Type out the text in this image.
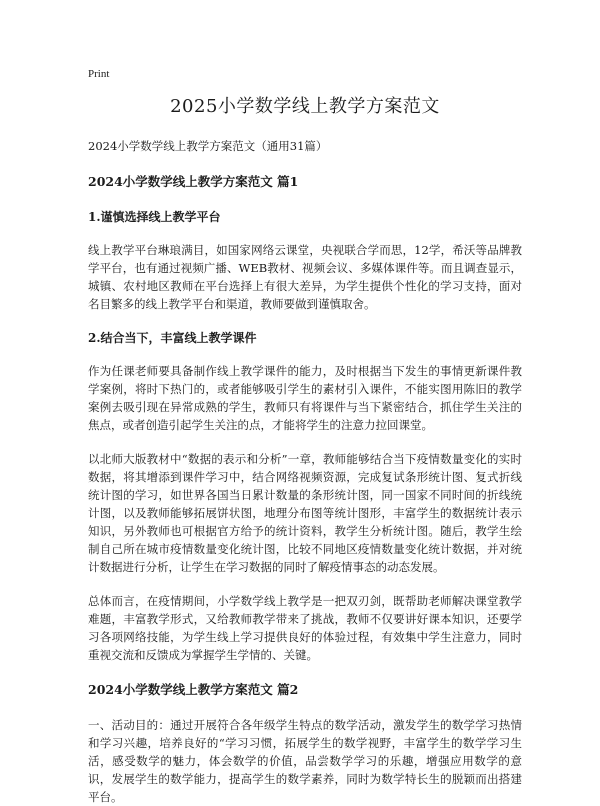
Print
2025小学数学线上教学方案范文

2024小学数学线上教学方案范文（通用31篇）

2024小学数学线上教学方案范文 篇1
1.谨慎选择线上教学平台

线上教学平台琳琅满目，如国家网络云课堂，央视联合学而思，12学，希沃等品牌教学平台，也有通过视频广播、WEB教材、视频会议、多媒体课件等。而且调查显示，城镇、农村地区教师在平台选择上有很大差异，为学生提供个性化的学习支持，面对名目繁多的线上教学平台和渠道，教师要做到谨慎取舍。

2.结合当下，丰富线上教学课件

作为任课老师要具备制作线上教学课件的能力，及时根据当下发生的事情更新课件教学案例，将时下热门的，或者能够吸引学生的素材引入课件，不能实图用陈旧的教学案例去吸引现在异常成熟的学生，教师只有将课件与当下紧密结合，抓住学生关注的焦点，或者创造引起学生关注的点，才能将学生的注意力拉回课堂。

以北师大版教材中“数据的表示和分析”一章，教师能够结合当下疫情数量变化的实时数据，将其增添到课件学习中，结合网络视频资源，完成复试条形统计图、复式折线统计图的学习，如世界各国当日累计数量的条形统计图，同一国家不同时间的折线统计图，以及教师能够拓展饼状图，地理分布图等统计图形，丰富学生的数据统计表示知识，另外教师也可根据官方给予的统计资料，教学生分析统计图。随后，教学生绘制自己所在城市疫情数量变化统计图，比较不同地区疫情数量变化统计数据，并对统计数据进行分析，让学生在学习数据的同时了解疫情事态的动态发展。

总体而言，在疫情期间，小学数学线上教学是一把双刃剑，既帮助老师解决课堂教学难题，丰富教学形式，又给教师教学带来了挑战，教师不仅要讲好课本知识，还要学习各项网络技能，为学生线上学习提供良好的体验过程，有效集中学生注意力，同时重视交流和反馈成为掌握学生学情的、关键。

2024小学数学线上教学方案范文 篇2

一、活动目的：通过开展符合各年级学生特点的数学活动，激发学生的数学学习热情和学习兴趣，培养良好的“学习习惯，拓展学生的数学视野，丰富学生的数学学习生活，感受数学的魅力，体会数学的价值，品尝数学学习的乐趣，增强应用数学的意识，发展学生的数学能力，提高学生的数学素养，同时为数学特长生的脱颖而出搭建平台。
